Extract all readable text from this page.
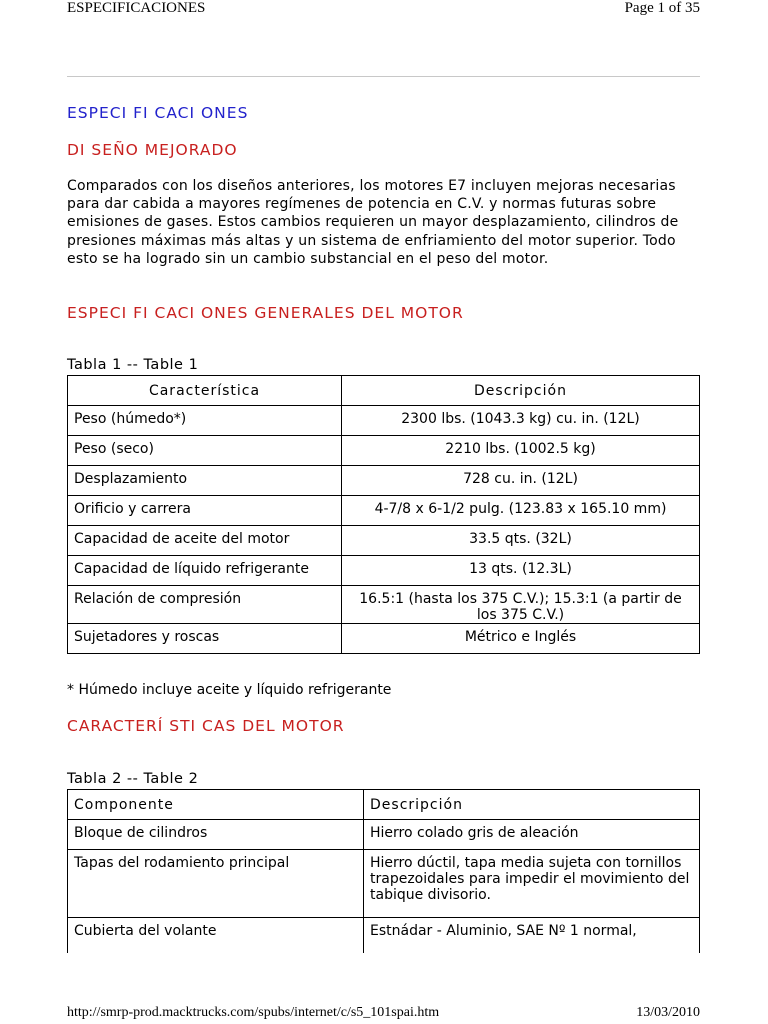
ESPECIFICACIONES	Page 1 of 35
ESPECI FI CACI ONES
DI SEÑO MEJORADO
Comparados con los diseños anteriores, los motores E7 incluyen mejoras necesarias para dar cabida a mayores regímenes de potencia en C.V. y normas futuras sobre emisiones de gases. Estos cambios requieren un mayor desplazamiento, cilindros de presiones máximas más altas y un sistema de enfriamiento del motor superior. Todo esto se ha logrado sin un cambio substancial en el peso del motor.
ESPECI FI CACI ONES GENERALES DEL MOTOR
Tabla 1 -- Table 1
Característica	Descripción
Peso (húmedo*)	2300 lbs. (1043.3 kg) cu. in. (12L)
Peso (seco)	2210 lbs. (1002.5 kg)
Desplazamiento	728 cu. in. (12L)
Orificio y carrera	4-7/8 x 6-1/2 pulg. (123.83 x 165.10 mm)
Capacidad de aceite del motor	33.5 qts. (32L)
Capacidad de líquido refrigerante	13 qts. (12.3L)
Relación de compresión	16.5:1 (hasta los 375 C.V.); 15.3:1 (a partir de los 375 C.V.)
Sujetadores y roscas	Métrico e Inglés
* Húmedo incluye aceite y líquido refrigerante
CARACTERÍ STI CAS DEL MOTOR
Tabla 2 -- Table 2
Componente	Descripción
Bloque de cilindros	Hierro colado gris de aleación
Tapas del rodamiento principal	Hierro dúctil, tapa media sujeta con tornillos trapezoidales para impedir el movimiento del tabique divisorio.
Cubierta del volante	Estnádar - Aluminio, SAE Nº 1 normal,
http://smrp-prod.macktrucks.com/spubs/internet/c/s5_101spai.htm	13/03/2010
